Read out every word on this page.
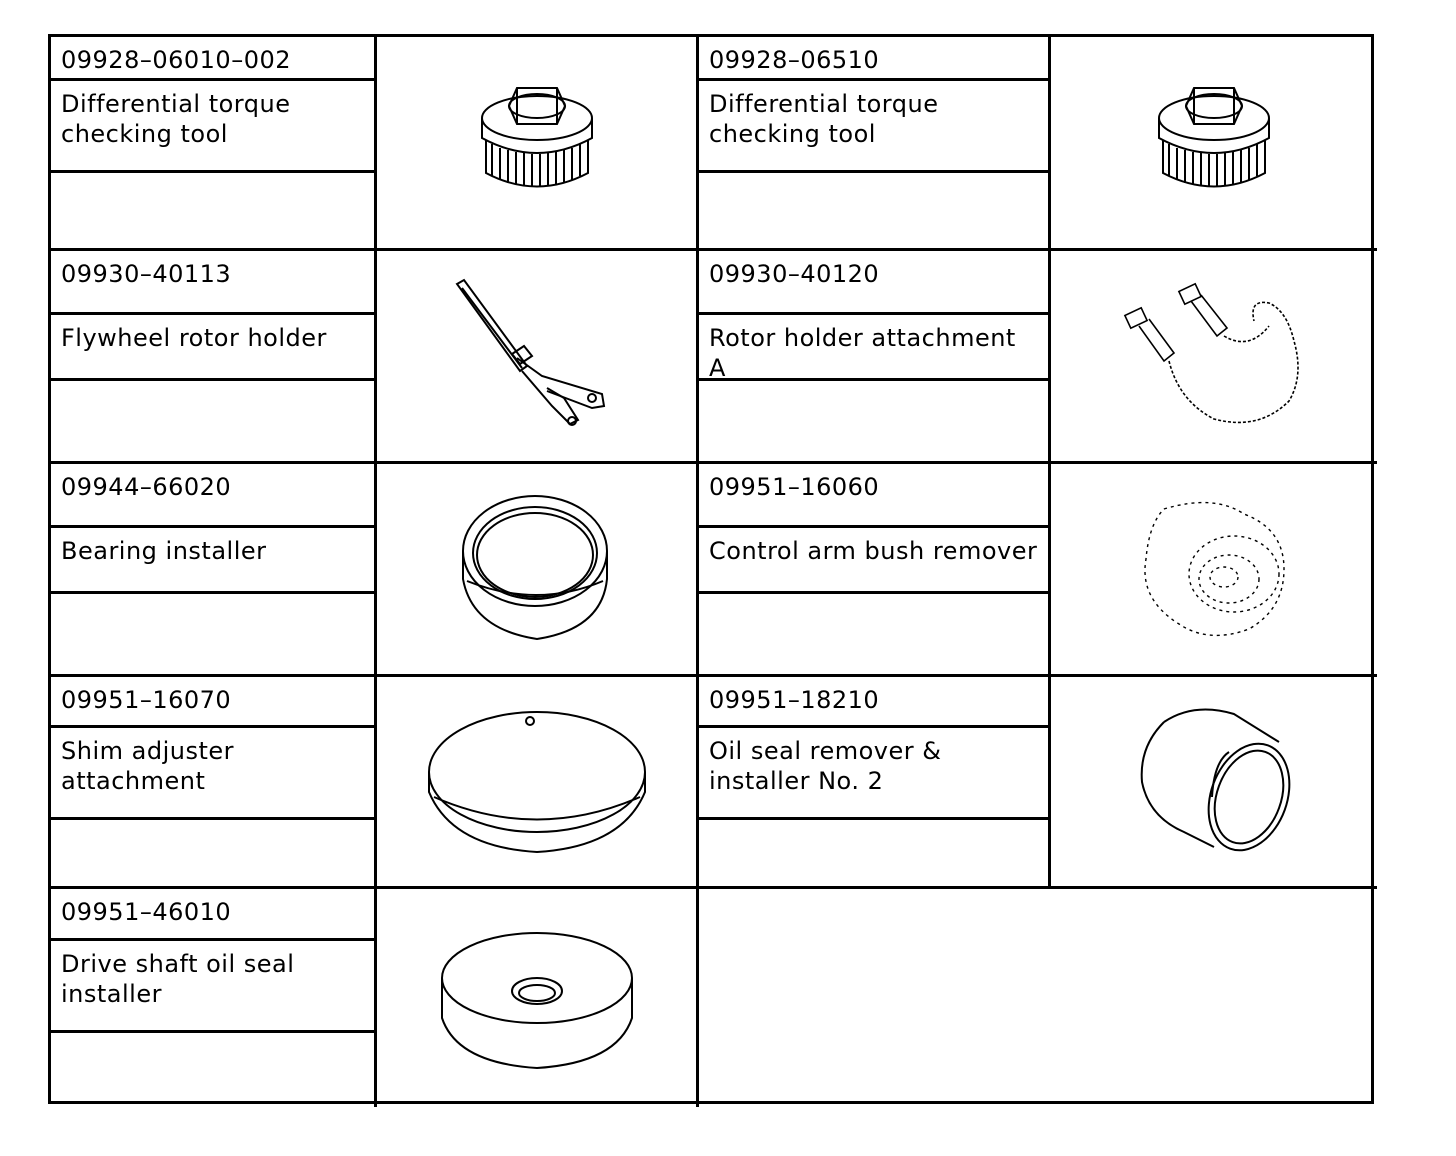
09928–06010–002
Differential torque
checking tool
09928–06510
Differential torque
checking tool
09930–40113
Flywheel rotor holder
09930–40120
Rotor holder attachment A
09944–66020
Bearing installer
09951–16060
Control arm bush remover
09951–16070
Shim adjuster
attachment
09951–18210
Oil seal remover &
installer No. 2
09951–46010
Drive shaft oil seal
installer
